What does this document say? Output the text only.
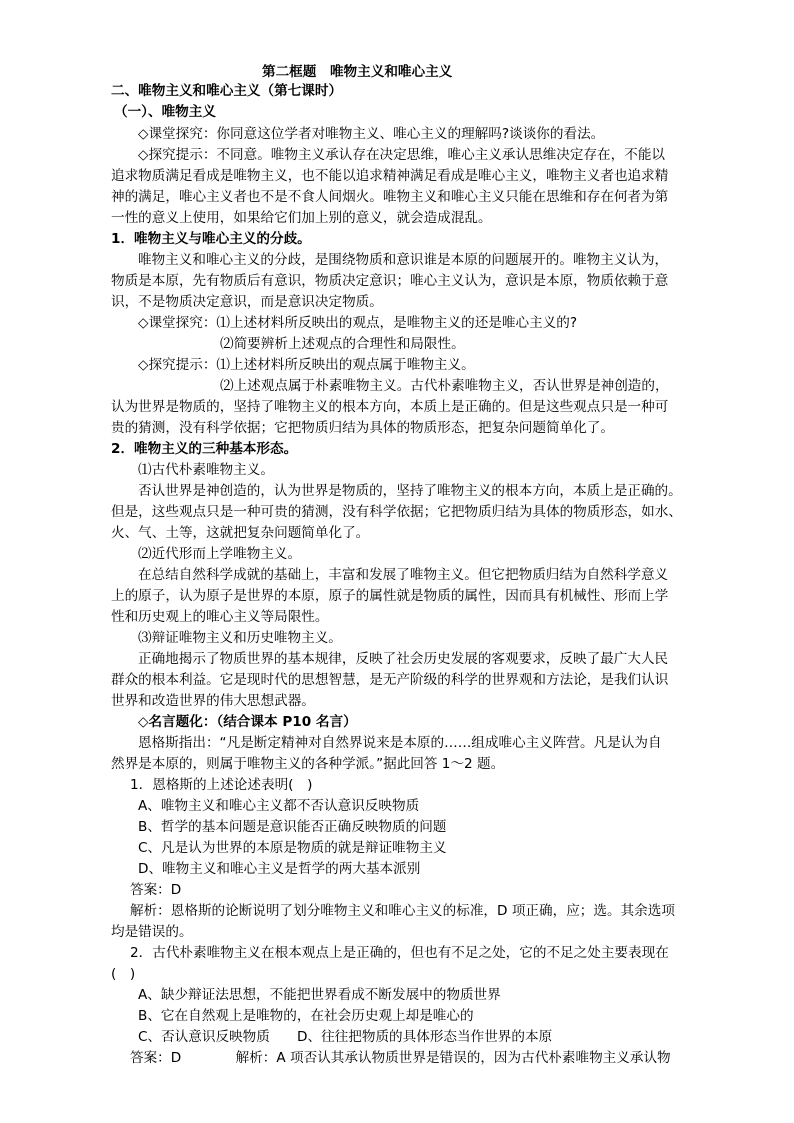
第二框题　唯物主义和唯心主义
二、唯物主义和唯心主义（第七课时）
（一）、唯物主义
◇课堂探究：你同意这位学者对唯物主义、唯心主义的理解吗?谈谈你的看法。
◇探究提示：不同意。唯物主义承认存在决定思维，唯心主义承认思维决定存在，不能以
追求物质满足看成是唯物主义，也不能以追求精神满足看成是唯心主义，唯物主义者也追求精
神的满足，唯心主义者也不是不食人间烟火。唯物主义和唯心主义只能在思维和存在何者为第
一性的意义上使用，如果给它们加上别的意义，就会造成混乱。
1．唯物主义与唯心主义的分歧。
唯物主义和唯心主义的分歧，是围绕物质和意识谁是本原的问题展开的。唯物主义认为，
物质是本原，先有物质后有意识，物质决定意识；唯心主义认为，意识是本原，物质依赖于意
识，不是物质决定意识，而是意识决定物质。
◇课堂探究：⑴上述材料所反映出的观点，是唯物主义的还是唯心主义的?
⑵简要辨析上述观点的合理性和局限性。
◇探究提示：⑴上述材料所反映出的观点属于唯物主义。
⑵上述观点属于朴素唯物主义。古代朴素唯物主义，否认世界是神创造的，
认为世界是物质的，坚持了唯物主义的根本方向，本质上是正确的。但是这些观点只是一种可
贵的猜测，没有科学依据；它把物质归结为具体的物质形态，把复杂问题简单化了。
2．唯物主义的三种基本形态。
⑴古代朴素唯物主义。
否认世界是神创造的，认为世界是物质的，坚持了唯物主义的根本方向，本质上是正确的。
但是，这些观点只是一种可贵的猜测，没有科学依据；它把物质归结为具体的物质形态，如水、
火、气、土等，这就把复杂问题简单化了。
⑵近代形而上学唯物主义。
在总结自然科学成就的基础上，丰富和发展了唯物主义。但它把物质归结为自然科学意义
上的原子，认为原子是世界的本原，原子的属性就是物质的属性，因而具有机械性、形而上学
性和历史观上的唯心主义等局限性。
⑶辩证唯物主义和历史唯物主义。
正确地揭示了物质世界的基本规律，反映了社会历史发展的客观要求，反映了最广大人民
群众的根本利益。它是现时代的思想智慧，是无产阶级的科学的世界观和方法论，是我们认识
世界和改造世界的伟大思想武器。
◇名言题化：（结合课本 P10 名言）
恩格斯指出：“凡是断定精神对自然界说来是本原的……组成唯心主义阵营。凡是认为自
然界是本原的，则属于唯物主义的各种学派。”据此回答 1～2 题。
1．恩格斯的上述论述表明(　)
A、唯物主义和唯心主义都不否认意识反映物质
B、哲学的基本问题是意识能否正确反映物质的问题
C、凡是认为世界的本原是物质的就是辩证唯物主义
D、唯物主义和唯心主义是哲学的两大基本派别
答案：D
解析：恩格斯的论断说明了划分唯物主义和唯心主义的标准，D 项正确，应；选。其余选项
均是错误的。
2．古代朴素唯物主义在根本观点上是正确的，但也有不足之处，它的不足之处主要表现在
(　)
A、缺少辩证法思想，不能把世界看成不断发展中的物质世界
B、它在自然观上是唯物的，在社会历史观上却是唯心的
C、否认意识反映物质　　D、往往把物质的具体形态当作世界的本原
答案：D　　　　解析：A 项否认其承认物质世界是错误的，因为古代朴素唯物主义承认物
